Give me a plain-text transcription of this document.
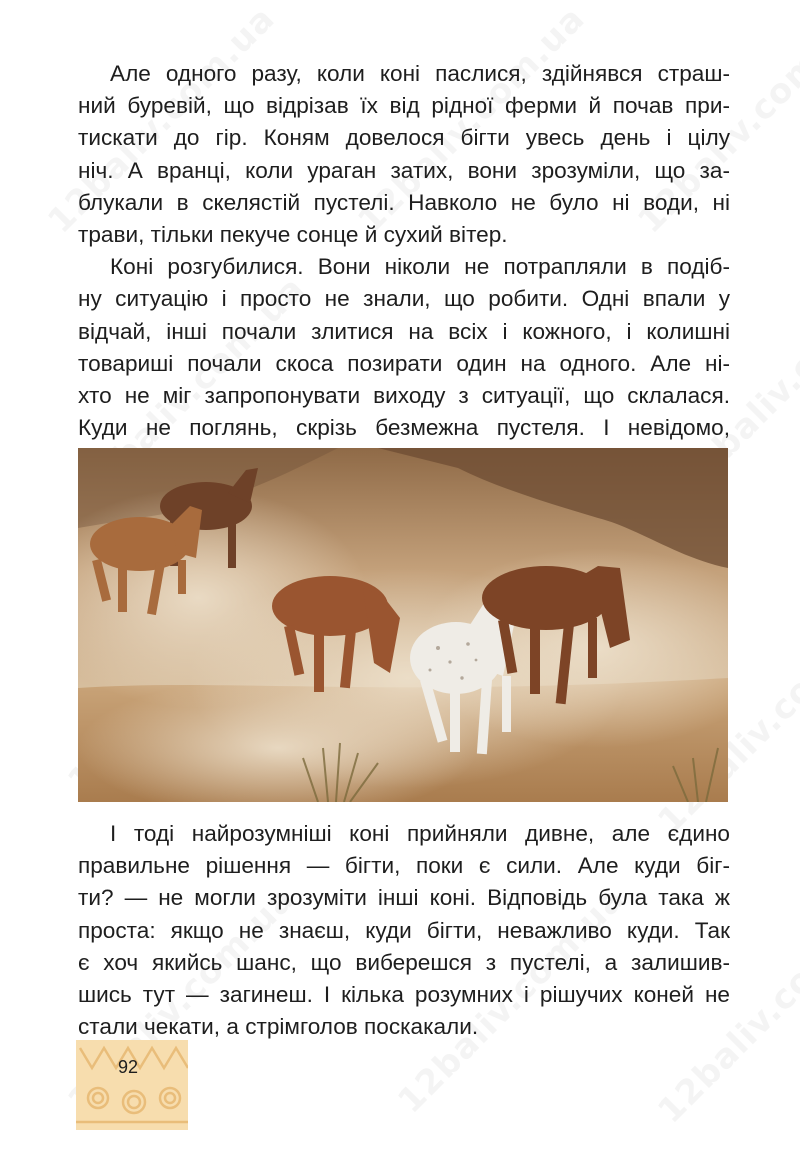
Але одного разу, коли коні паслися, здійнявся страш-
ний буревій, що відрізав їх від рідної ферми й почав при-
тискати до гір. Коням довелося бігти увесь день і цілу
ніч. А вранці, коли ураган затих, вони зрозуміли, що за-
блукали в скелястій пустелі. Навколо не було ні води, ні
трави, тільки пекуче сонце й сухий вітер.
Коні розгубилися. Вони ніколи не потрапляли в подіб-
ну ситуацію і просто не знали, що робити. Одні впали у
відчай, інші почали злитися на всіх і кожного, і колишні
товариші почали скоса позирати один на одного. Але ні-
хто не міг запропонувати виходу з ситуації, що склалася.
Куди не поглянь, скрізь безмежна пустеля. І невідомо,
І тоді найрозумніші коні прийняли дивне, але єдино
правильне рішення — бігти, поки є сили. Але куди біг-
ти? — не могли зрозуміти інші коні. Відповідь була така ж
проста: якщо не знаєш, куди бігти, неважливо куди. Так
є хоч якийсь шанс, що виберешся з пустелі, а залишив-
шись тут — загинеш. І кілька розумних і рішучих коней не
стали чекати, а стрімголов поскакали.
92
